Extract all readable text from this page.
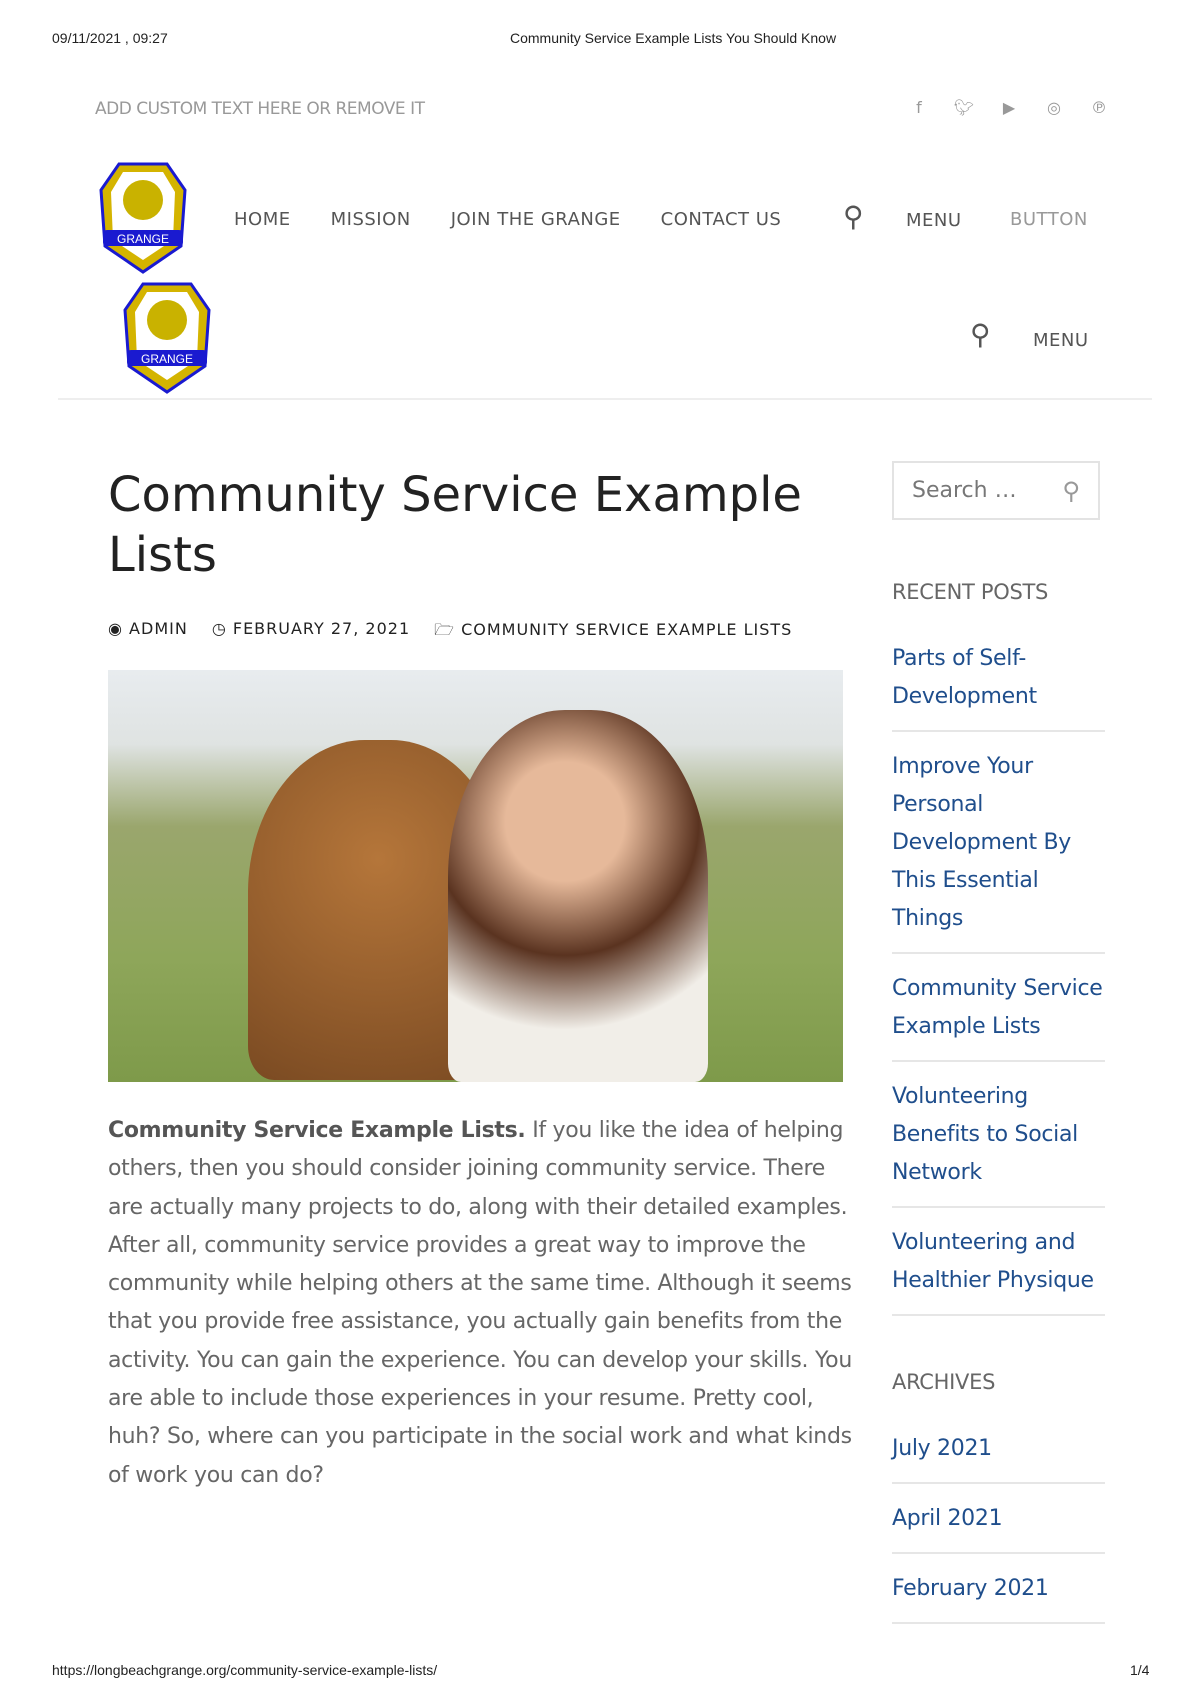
09/11/2021 , 09:27	Community Service Example Lists You Should Know
ADD CUSTOM TEXT HERE OR REMOVE IT	f	🐦︎	▶	◎ ℗
GRANGE
HOME MISSION JOIN THE GRANGE CONTACT US ⚲ MENU	BUTTON
GRANGE
⚲ MENU
Community Service Example Lists
◉ ADMIN ◷ FEBRUARY 27, 2021 🗁 COMMUNITY SERVICE EXAMPLE LISTS

Community Service Example Lists. If you like the idea of helping others, then you should consider joining community service. There are actually many projects to do, along with their detailed examples. After all, community service provides a great way to improve the community while helping others at the same time. Although it seems that you provide free assistance, you actually gain benefits from the activity. You can gain the experience. You can develop your skills. You are able to include those experiences in your resume. Pretty cool, huh? So, where can you participate in the social work and what kinds of work you can do?

Search … ⚲
RECENT POSTS
Parts of Self-Development
Improve Your Personal Development By This Essential Things
Community Service Example Lists
Volunteering Benefits to Social Network
Volunteering and Healthier Physique
ARCHIVES
July 2021
April 2021
February 2021
https://longbeachgrange.org/community-service-example-lists/	1/4
